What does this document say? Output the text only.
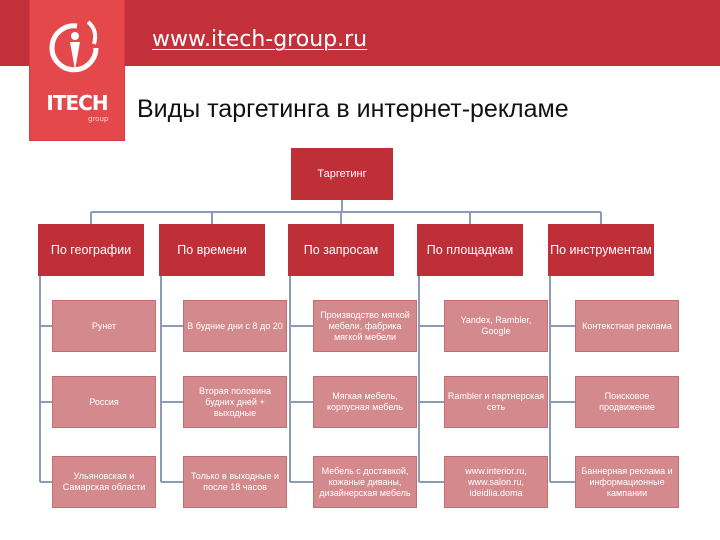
ITECH
group
www.itech-group.ru
Виды таргетинга в интернет-рекламе
Таргетинг
По географии
Рунет
Россия
Ульяновская и Самарская области
По времени
В будние дни с 8 до 20
Вторая половина будних дней + выходные
Только в выходные и после 18 часов
По запросам
Производство мягкой мебели, фабрика мягкой мебели
Мягкая мебель, корпусная мебель
Мебель с доставкой, кожаные диваны, дизайнерская мебель
По площадкам
Yandex, Rambler, Google
Rambler и партнерская сеть
www.interior.ru, www.salon.ru, ideidlia.doma
По инструментам
Контекстная реклама
Поисковое продвижение
Баннерная реклама и информационные кампании
